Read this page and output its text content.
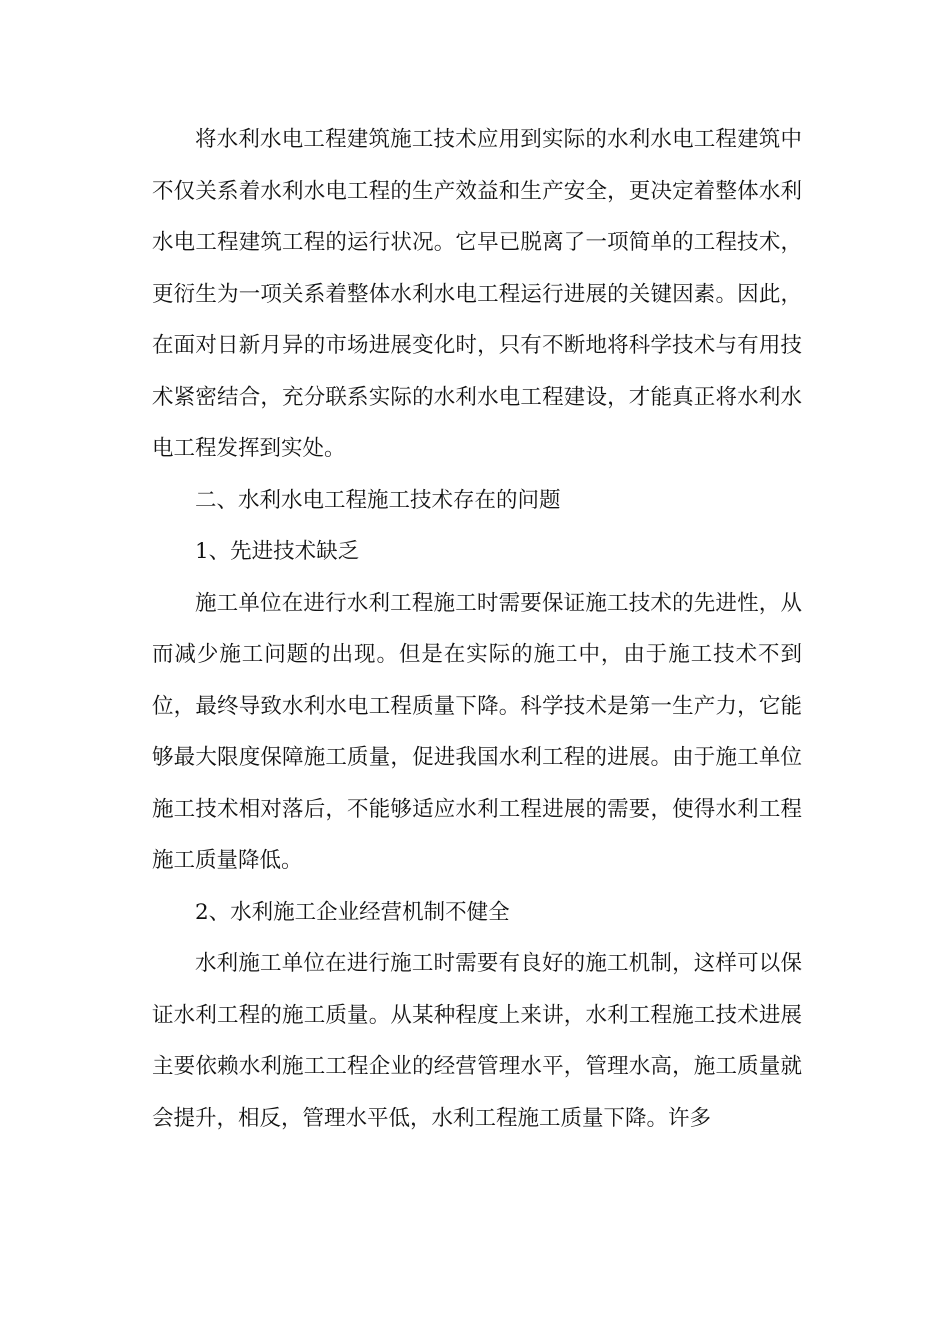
将水利水电工程建筑施工技术应用到实际的水利水电工程建筑中不仅关系着水利水电工程的生产效益和生产安全，更决定着整体水利水电工程建筑工程的运行状况。它早已脱离了一项简单的工程技术，更衍生为一项关系着整体水利水电工程运行进展的关键因素。因此，在面对日新月异的市场进展变化时，只有不断地将科学技术与有用技术紧密结合，充分联系实际的水利水电工程建设，才能真正将水利水电工程发挥到实处。

二、水利水电工程施工技术存在的问题

1、先进技术缺乏

施工单位在进行水利工程施工时需要保证施工技术的先进性，从而减少施工问题的出现。但是在实际的施工中，由于施工技术不到位，最终导致水利水电工程质量下降。科学技术是第一生产力，它能够最大限度保障施工质量，促进我国水利工程的进展。由于施工单位施工技术相对落后，不能够适应水利工程进展的需要，使得水利工程施工质量降低。

2、水利施工企业经营机制不健全

水利施工单位在进行施工时需要有良好的施工机制，这样可以保证水利工程的施工质量。从某种程度上来讲，水利工程施工技术进展主要依赖水利施工工程企业的经营管理水平，管理水高，施工质量就会提升，相反，管理水平低，水利工程施工质量下降。许多
